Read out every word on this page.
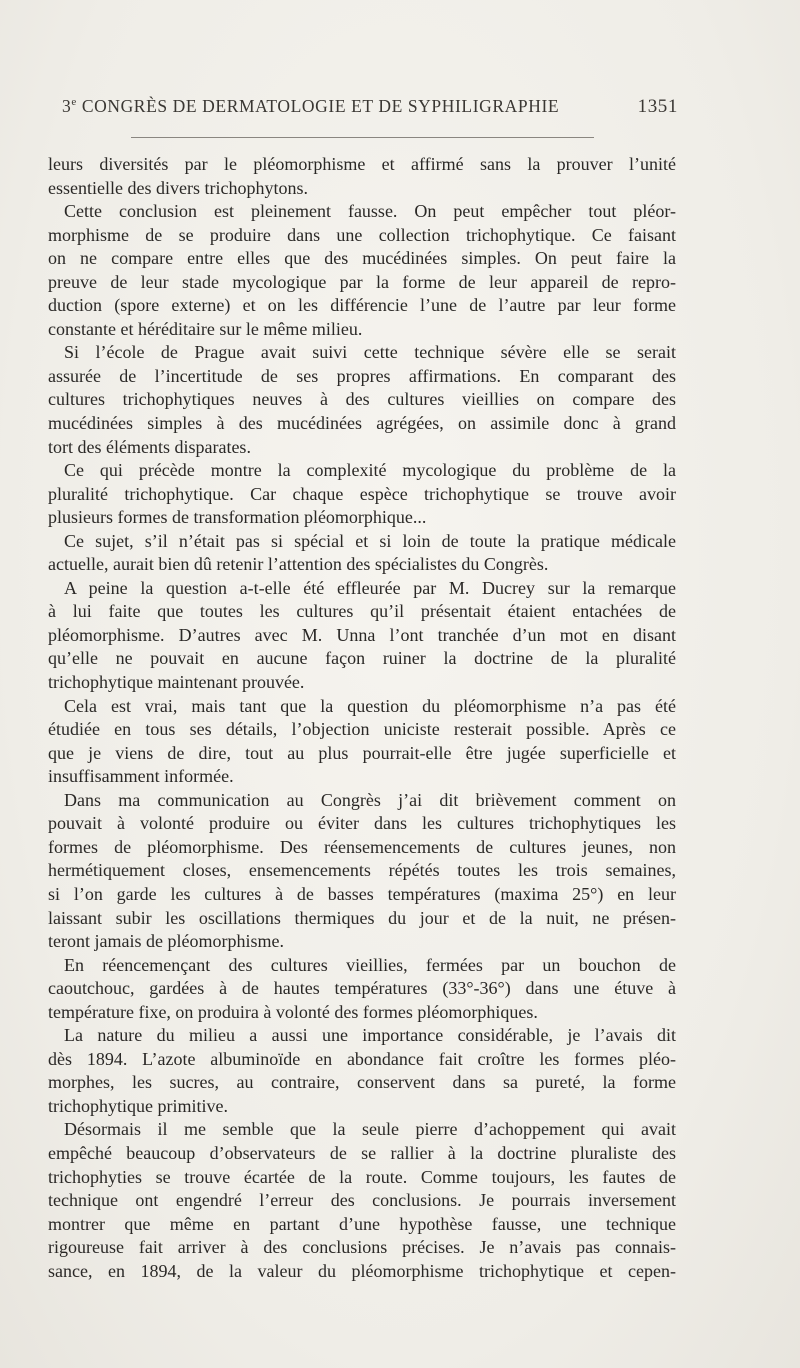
3e CONGRÈS DE DERMATOLOGIE ET DE SYPHILIGRAPHIE	1351
leurs diversités par le pléomorphisme et affirmé sans la prouver l’unité
essentielle des divers trichophytons.
Cette conclusion est pleinement fausse. On peut empêcher tout pléor-
morphisme de se produire dans une collection trichophytique. Ce faisant
on ne compare entre elles que des mucédinées simples. On peut faire la
preuve de leur stade mycologique par la forme de leur appareil de repro-
duction (spore externe) et on les différencie l’une de l’autre par leur forme
constante et héréditaire sur le même milieu.
Si l’école de Prague avait suivi cette technique sévère elle se serait
assurée de l’incertitude de ses propres affirmations. En comparant des
cultures trichophytiques neuves à des cultures vieillies on compare des
mucédinées simples à des mucédinées agrégées, on assimile donc à grand
tort des éléments disparates.
Ce qui précède montre la complexité mycologique du problème de la
pluralité trichophytique. Car chaque espèce trichophytique se trouve avoir
plusieurs formes de transformation pléomorphique...
Ce sujet, s’il n’était pas si spécial et si loin de toute la pratique médicale
actuelle, aurait bien dû retenir l’attention des spécialistes du Congrès.
A peine la question a-t-elle été effleurée par M. Ducrey sur la remarque
à lui faite que toutes les cultures qu’il présentait étaient entachées de
pléomorphisme. D’autres avec M. Unna l’ont tranchée d’un mot en disant
qu’elle ne pouvait en aucune façon ruiner la doctrine de la pluralité
trichophytique maintenant prouvée.
Cela est vrai, mais tant que la question du pléomorphisme n’a pas été
étudiée en tous ses détails, l’objection uniciste resterait possible. Après ce
que je viens de dire, tout au plus pourrait-elle être jugée superficielle et
insuffisamment informée.
Dans ma communication au Congrès j’ai dit brièvement comment on
pouvait à volonté produire ou éviter dans les cultures trichophytiques les
formes de pléomorphisme. Des réensemencements de cultures jeunes, non
hermétiquement closes, ensemencements répétés toutes les trois semaines,
si l’on garde les cultures à de basses températures (maxima 25°) en leur
laissant subir les oscillations thermiques du jour et de la nuit, ne présen-
teront jamais de pléomorphisme.
En réencemençant des cultures vieillies, fermées par un bouchon de
caoutchouc, gardées à de hautes températures (33°-36°) dans une étuve à
température fixe, on produira à volonté des formes pléomorphiques.
La nature du milieu a aussi une importance considérable, je l’avais dit
dès 1894. L’azote albuminoïde en abondance fait croître les formes pléo-
morphes, les sucres, au contraire, conservent dans sa pureté, la forme
trichophytique primitive.
Désormais il me semble que la seule pierre d’achoppement qui avait
empêché beaucoup d’observateurs de se rallier à la doctrine pluraliste des
trichophyties se trouve écartée de la route. Comme toujours, les fautes de
technique ont engendré l’erreur des conclusions. Je pourrais inversement
montrer que même en partant d’une hypothèse fausse, une technique
rigoureuse fait arriver à des conclusions précises. Je n’avais pas connais-
sance, en 1894, de la valeur du pléomorphisme trichophytique et cepen-
